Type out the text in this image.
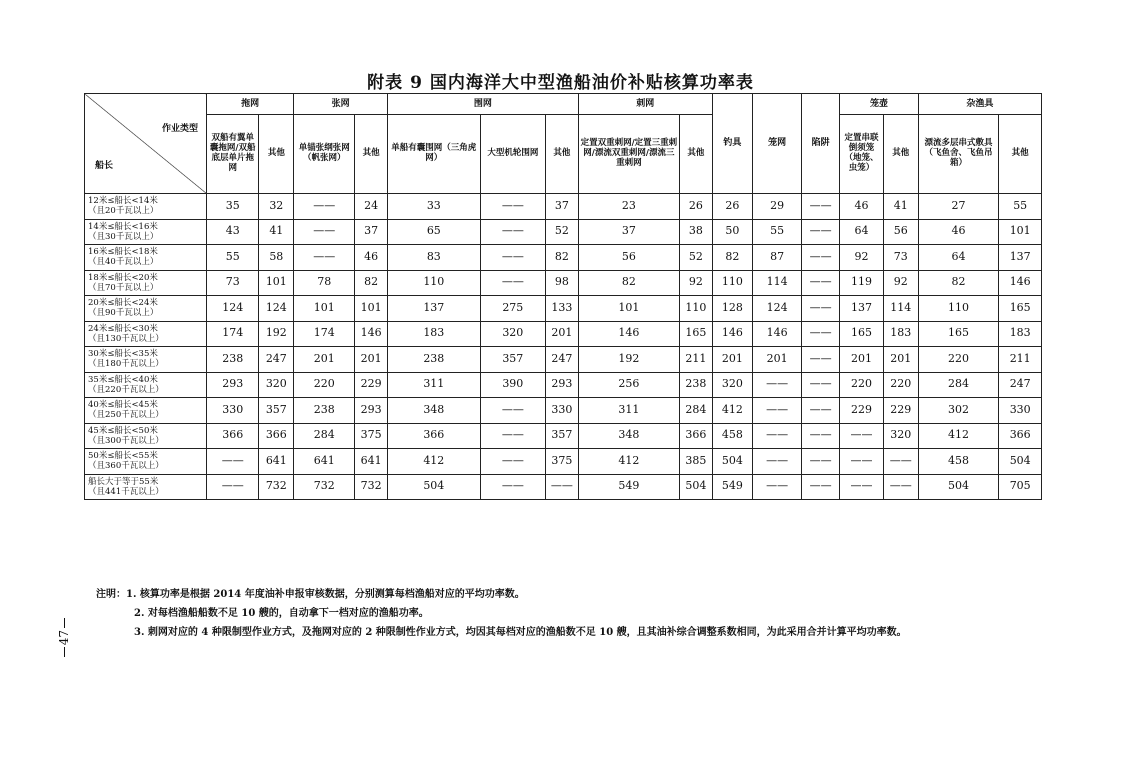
附表 9 国内海洋大中型渔船油价补贴核算功率表
作业类型
船长	拖网		张网		围网			刺网		钓具	笼网	陷阱	笼壶		杂渔具	
	双船有翼单囊拖网/双船底层单片拖网	其他	单锚张纲张网（帆张网）	其他	单船有囊围网（三角虎网）	大型机轮围网	其他	定置双重刺网/定置三重刺网/漂流双重刺网/漂流三重刺网	其他				定置串联倒须笼（地笼、虫笼）	其他	漂流多层串式敷具（飞鱼舍、飞鱼吊箱）	其他

12米≤船长<14米
（且20千瓦以上）	35	32	——	24	33	——	37	23	26	26	29	——	46	41	27	55

14米≤船长<16米
（且30千瓦以上）	43	41	——	37	65	——	52	37	38	50	55	——	64	56	46	101

16米≤船长<18米
（且40千瓦以上）	55	58	——	46	83	——	82	56	52	82	87	——	92	73	64	137

18米≤船长<20米
（且70千瓦以上）	73	101	78	82	110	——	98	82	92	110	114	——	119	92	82	146

20米≤船长<24米
（且90千瓦以上）	124	124	101	101	137	275	133	101	110	128	124	——	137	114	110	165

24米≤船长<30米
（且130千瓦以上）	174	192	174	146	183	320	201	146	165	146	146	——	165	183	165	183

30米≤船长<35米
（且180千瓦以上）	238	247	201	201	238	357	247	192	211	201	201	——	201	201	220	211

35米≤船长<40米
（且220千瓦以上）	293	320	220	229	311	390	293	256	238	320	——	——	220	220	284	247

40米≤船长<45米
（且250千瓦以上）	330	357	238	293	348	——	330	311	284	412	——	——	229	229	302	330

45米≤船长<50米
（且300千瓦以上）	366	366	284	375	366	——	357	348	366	458	——	——	——	320	412	366

50米≤船长<55米
（且360千瓦以上）	——	641	641	641	412	——	375	412	385	504	——	——	——	——	458	504

船长大于等于55米
（且441千瓦以上）	——	732	732	732	504	——	——	549	504	549	——	——	——	——	504	705

注明：1. 核算功率是根据 2014 年度油补申报审核数据，分别测算每档渔船对应的平均功率数。

2. 对每档渔船船数不足 10 艘的，自动拿下一档对应的渔船功率。

3. 刺网对应的 4 种限制型作业方式，及拖网对应的 2 种限制性作业方式，均因其每档对应的渔船数不足 10 艘，且其油补综合调整系数相同，为此采用合并计算平均功率数。

47
